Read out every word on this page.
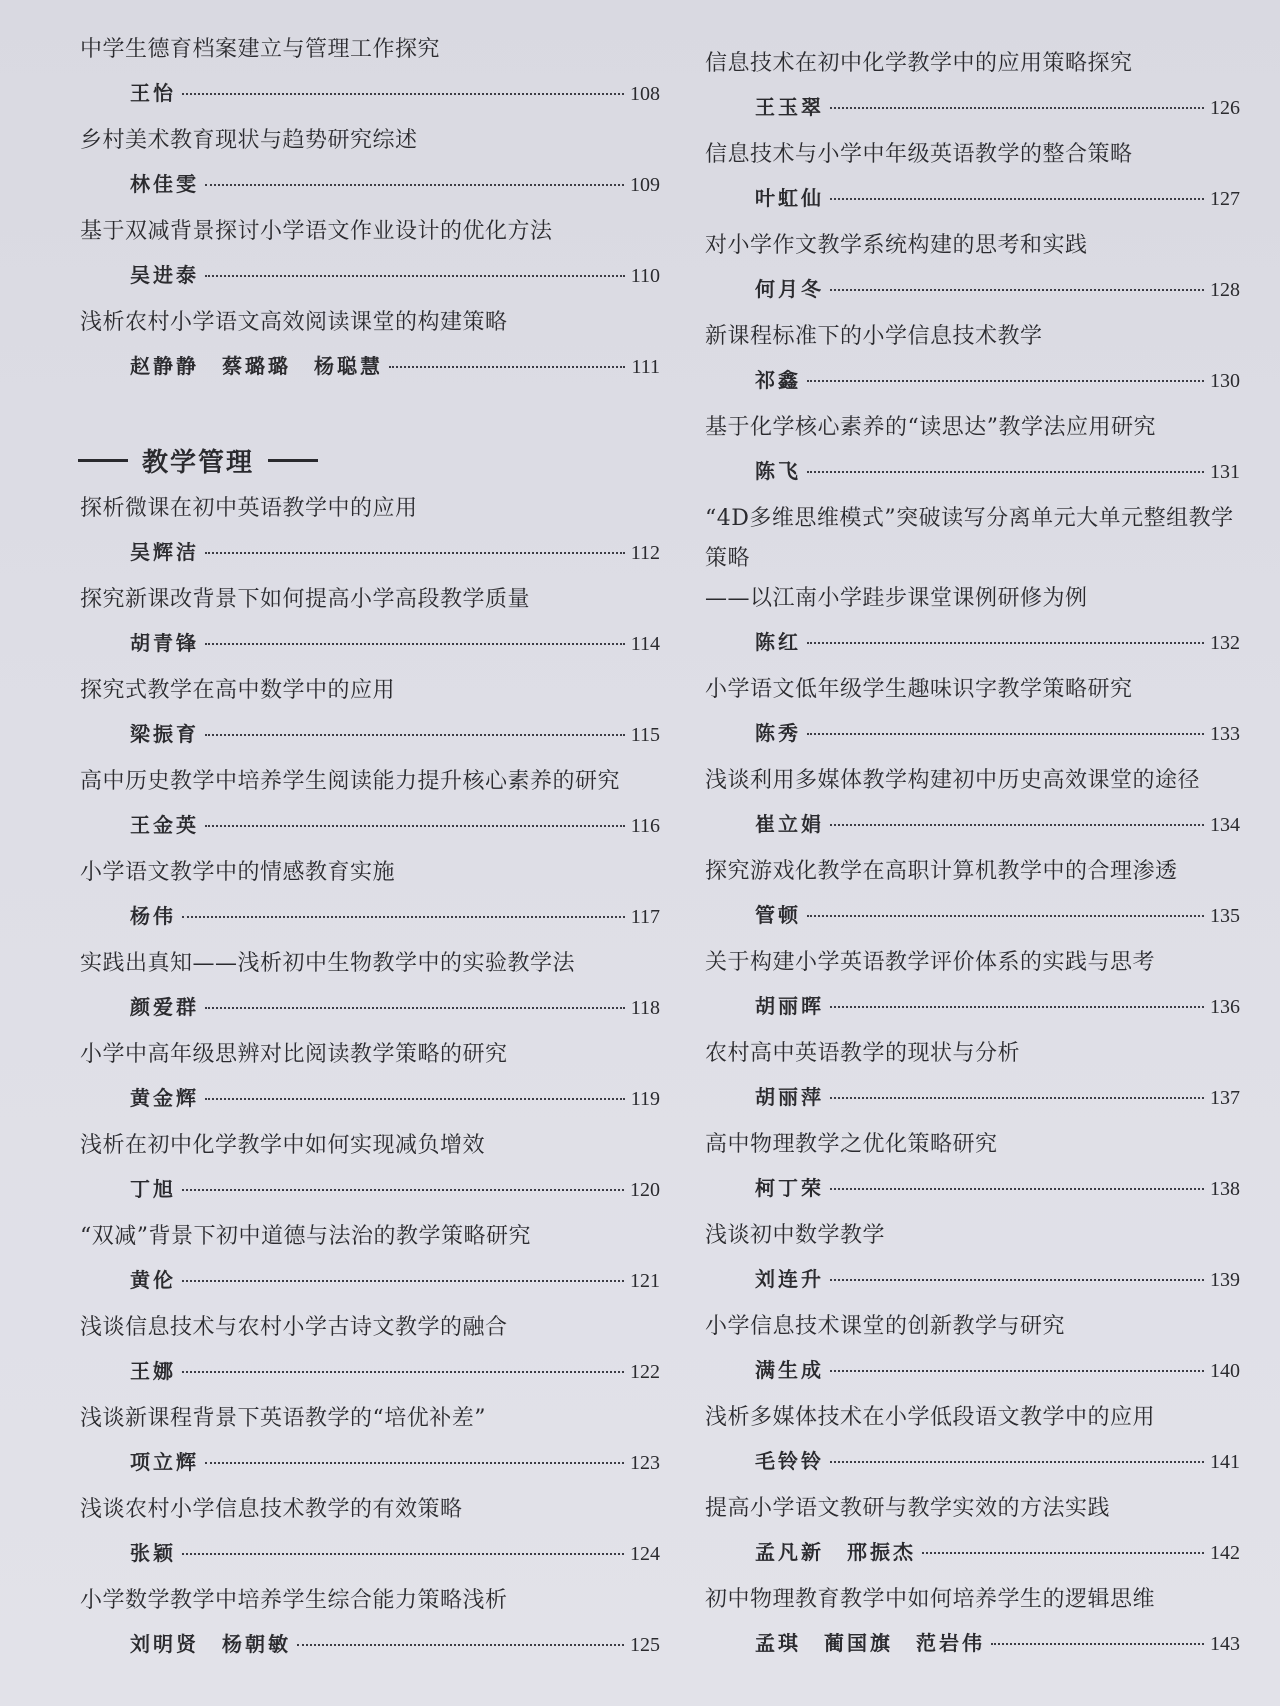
中学生德育档案建立与管理工作探究
王怡	108
乡村美术教育现状与趋势研究综述
林佳雯	109
基于双减背景探讨小学语文作业设计的优化方法
吴进泰	110
浅析农村小学语文高效阅读课堂的构建策略
赵静静　蔡璐璐　杨聪慧	111
教学管理
探析微课在初中英语教学中的应用
吴辉洁	112
探究新课改背景下如何提高小学高段教学质量
胡青锋	114
探究式教学在高中数学中的应用
梁振育	115
高中历史教学中培养学生阅读能力提升核心素养的研究
王金英	116
小学语文教学中的情感教育实施
杨伟	117
实践出真知——浅析初中生物教学中的实验教学法
颜爱群	118
小学中高年级思辨对比阅读教学策略的研究
黄金辉	119
浅析在初中化学教学中如何实现减负增效
丁旭	120
“双减”背景下初中道德与法治的教学策略研究
黄伦	121
浅谈信息技术与农村小学古诗文教学的融合
王娜	122
浅谈新课程背景下英语教学的“培优补差”
项立辉	123
浅谈农村小学信息技术教学的有效策略
张颖	124
小学数学教学中培养学生综合能力策略浅析
刘明贤　杨朝敏	125
信息技术在初中化学教学中的应用策略探究
王玉翠	126
信息技术与小学中年级英语教学的整合策略
叶虹仙	127
对小学作文教学系统构建的思考和实践
何月冬	128
新课程标准下的小学信息技术教学
祁鑫	130
基于化学核心素养的“读思达”教学法应用研究
陈飞	131
“4D多维思维模式”突破读写分离单元大单元整组教学策略
——以江南小学跬步课堂课例研修为例
陈红	132
小学语文低年级学生趣味识字教学策略研究
陈秀	133
浅谈利用多媒体教学构建初中历史高效课堂的途径
崔立娟	134
探究游戏化教学在高职计算机教学中的合理渗透
管顿	135
关于构建小学英语教学评价体系的实践与思考
胡丽晖	136
农村高中英语教学的现状与分析
胡丽萍	137
高中物理教学之优化策略研究
柯丁荣	138
浅谈初中数学教学
刘连升	139
小学信息技术课堂的创新教学与研究
满生成	140
浅析多媒体技术在小学低段语文教学中的应用
毛铃铃	141
提高小学语文教研与教学实效的方法实践
孟凡新　邢振杰	142
初中物理教育教学中如何培养学生的逻辑思维
孟琪　蔺国旗　范岩伟	143
